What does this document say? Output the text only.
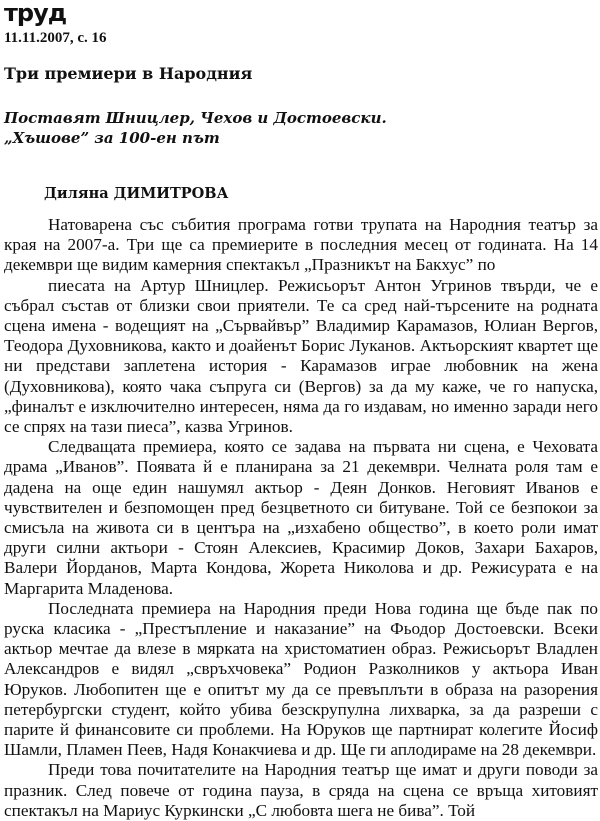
труд
11.11.2007, с. 16
Три премиери в Народния
Поставят Шницлер, Чехов и Достоевски.
„Хъшове” за 100-ен път
Диляна ДИМИТРОВА

Натоварена със събития програма готви трупата на Народния театър за края на 2007-а. Три ще са премиерите в последния месец от годината. На 14 декември ще видим камерния спектакъл „Празникът на Бакхус” по

пиесата на Артур Шницлер. Режисьорът Антон Угринов твърди, че е събрал състав от близки свои приятели. Те са сред най-търсените на родната сцена имена - водещият на „Сървайвър” Владимир Карамазов, Юлиан Вергов, Теодора Духовникова, както и доайенът Борис Луканов. Актьорският квартет ще ни представи заплетена история - Карамазов играе любовник на жена (Духовникова), която чака съпруга си (Вергов) за да му каже, че го напуска, „финалът е изключително интересен, няма да го издавам, но именно заради него се спрях на тази пиеса”, казва Угринов.

Следващата премиера, която се задава на първата ни сцена, е Чеховата драма „Иванов”. Появата й е планирана за 21 декември. Челната роля там е дадена на още един нашумял актьор - Деян Донков. Неговият Иванов е чувствителен и безпомощен пред безцветното си битуване. Той се безпокои за смисъла на живота си в центъра на „изхабено общество”, в което роли имат други силни актьори - Стоян Алексиев, Красимир Доков, Захари Бахаров, Валери Йорданов, Марта Кондова, Жорета Николова и др. Режисурата е на Маргарита Младенова.

Последната премиера на Народния преди Нова година ще бъде пак по руска класика - „Престъпление и наказание” на Фьодор Достоевски. Всеки актьор мечтае да влезе в мярката на христоматиен образ. Режисьорът Владлен Александров е видял „свръхчовека” Родион Разколников у актьора Иван Юруков. Любопитен ще е опитът му да се превъплъти в образа на разорения петербургски студент, който убива безскрупулна лихварка, за да разреши с парите й финансовите си проблеми. На Юруков ще партнират колегите Йосиф Шамли, Пламен Пеев, Надя Конакчиева и др. Ще ги аплодираме на 28 декември.

Преди това почитателите на Народния театър ще имат и други поводи за празник. След повече от година пауза, в сряда на сцена се връща хитовият спектакъл на Мариус Куркински „С любовта шега не бива”. Той
